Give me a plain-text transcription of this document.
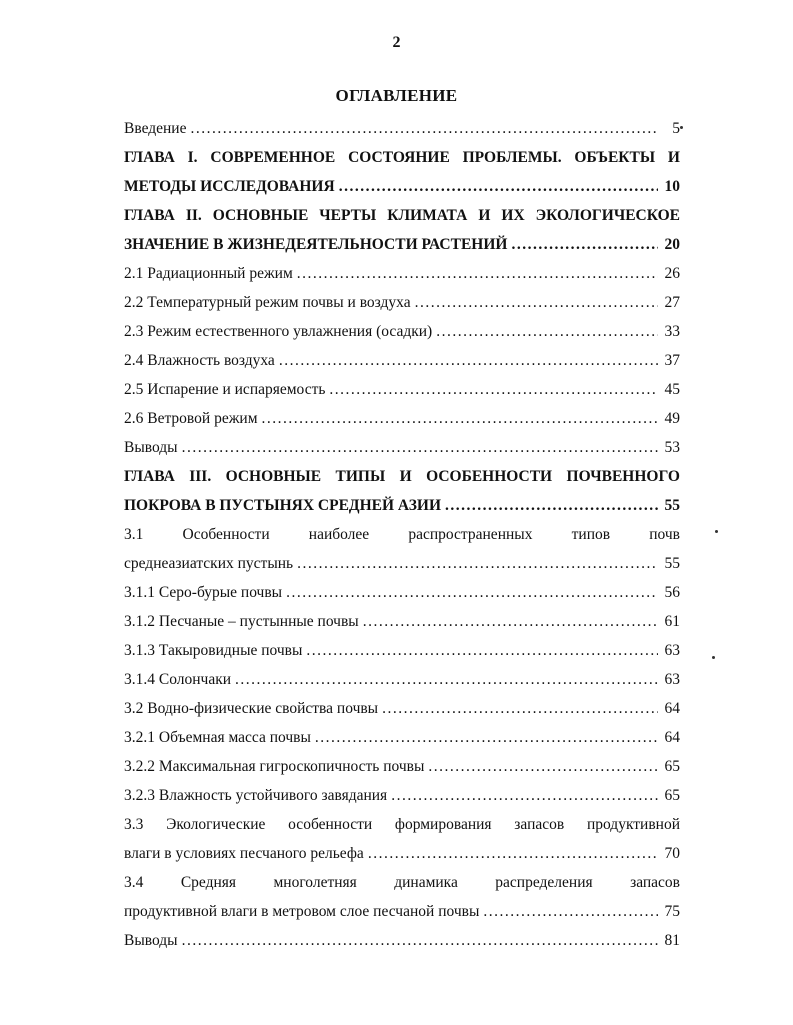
2
ОГЛАВЛЕНИЕ
Введение .....	5
ГЛАВА I. СОВРЕМЕННОЕ СОСТОЯНИЕ ПРОБЛЕМЫ. ОБЪЕКТЫ И
МЕТОДЫ ИССЛЕДОВАНИЯ .....	10
ГЛАВА II. ОСНОВНЫЕ ЧЕРТЫ КЛИМАТА И ИХ ЭКОЛОГИЧЕСКОЕ
ЗНАЧЕНИЕ В ЖИЗНЕДЕЯТЕЛЬНОСТИ РАСТЕНИЙ .....	20
2.1 Радиационный режим .....	26
2.2 Температурный режим почвы и воздуха .....	27
2.3 Режим естественного увлажнения (осадки) .....	33
2.4 Влажность воздуха .....	37
2.5 Испарение и испаряемость .....	45
2.6 Ветровой режим .....	49
Выводы .....	53
ГЛАВА III. ОСНОВНЫЕ ТИПЫ И ОСОБЕННОСТИ ПОЧВЕННОГО
ПОКРОВА В ПУСТЫНЯХ СРЕДНЕЙ АЗИИ .....	55
3.1 Особенности наиболее распространенных типов почв
среднеазиатских пустынь .....	55
3.1.1 Серо-бурые почвы .....	56
3.1.2 Песчаные – пустынные почвы .....	61
3.1.3 Такыровидные почвы .....	63
3.1.4 Солончаки .....	63
3.2 Водно-физические свойства почвы .....	64
3.2.1 Объемная масса почвы .....	64
3.2.2 Максимальная гигроскопичность почвы .....	65
3.2.3 Влажность устойчивого завядания .....	65
3.3 Экологические особенности формирования запасов продуктивной
влаги в условиях песчаного рельефа .....	70
3.4 Средняя многолетняя динамика распределения запасов
продуктивной влаги в метровом слое песчаной почвы .....	75
Выводы .....	81
